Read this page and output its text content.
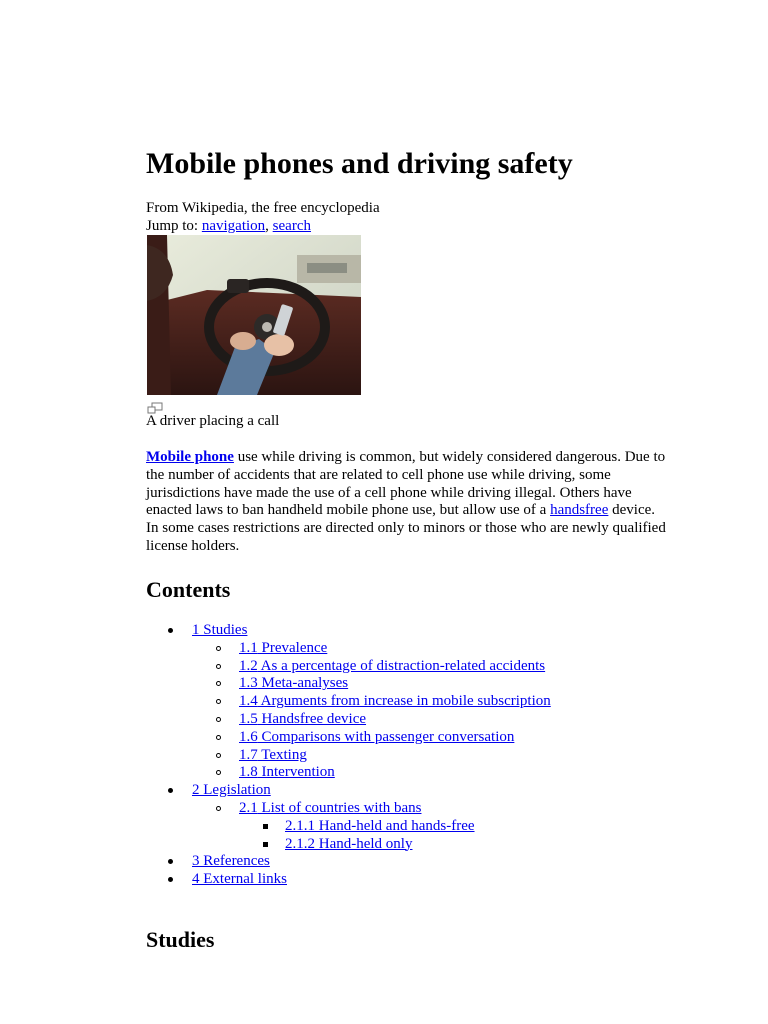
Mobile phones and driving safety
From Wikipedia, the free encyclopedia
Jump to: navigation, search
A driver placing a call

Mobile phone use while driving is common, but widely considered dangerous. Due to the number of accidents that are related to cell phone use while driving, some jurisdictions have made the use of a cell phone while driving illegal. Others have enacted laws to ban handheld mobile phone use, but allow use of a handsfree device. In some cases restrictions are directed only to minors or those who are newly qualified license holders.

Contents
Studies
1 Studies
1.1 Prevalence
1.2 As a percentage of distraction-related accidents
1.3 Meta-analyses
1.4 Arguments from increase in mobile subscription
1.5 Handsfree device
1.6 Comparisons with passenger conversation
1.7 Texting
1.8 Intervention
2 Legislation
2.1 List of countries with bans
2.1.1 Hand-held and hands-free
2.1.2 Hand-held only
3 References
4 External links
